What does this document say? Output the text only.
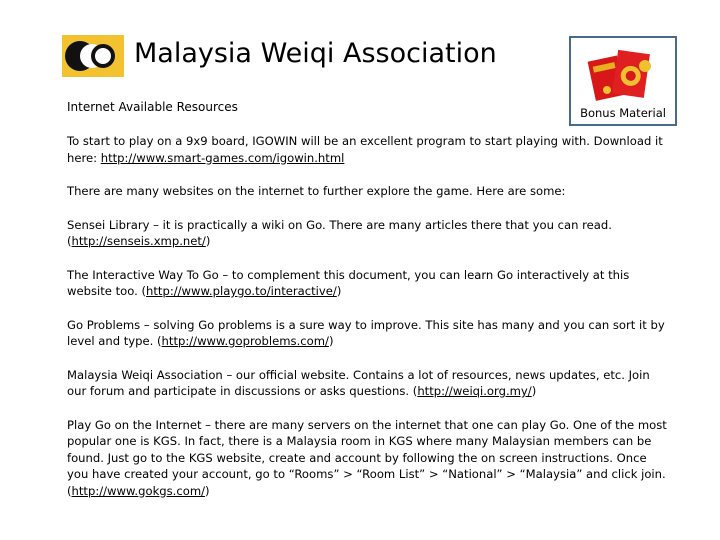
Malaysia Weiqi Association
Internet Available Resources	Bonus Material

To start to play on a 9x9 board, IGOWIN will be an excellent program to start playing with. Download it here: http://www.smart-games.com/igowin.html

There are many websites on the internet to further explore the game. Here are some:

Sensei Library – it is practically a wiki on Go. There are many articles there that you can read. (http://senseis.xmp.net/)

The Interactive Way To Go – to complement this document, you can learn Go interactively at this website too. (http://www.playgo.to/interactive/)

Go Problems – solving Go problems is a sure way to improve. This site has many and you can sort it by level and type. (http://www.goproblems.com/)

Malaysia Weiqi Association – our official website. Contains a lot of resources, news updates, etc. Join our forum and participate in discussions or asks questions. (http://weiqi.org.my/)

Play Go on the Internet – there are many servers on the internet that one can play Go. One of the most popular one is KGS. In fact, there is a Malaysia room in KGS where many Malaysian members can be found. Just go to the KGS website, create and account by following the on screen instructions. Once you have created your account, go to “Rooms” > “Room List” > “National” > “Malaysia” and click join. (http://www.gokgs.com/)
